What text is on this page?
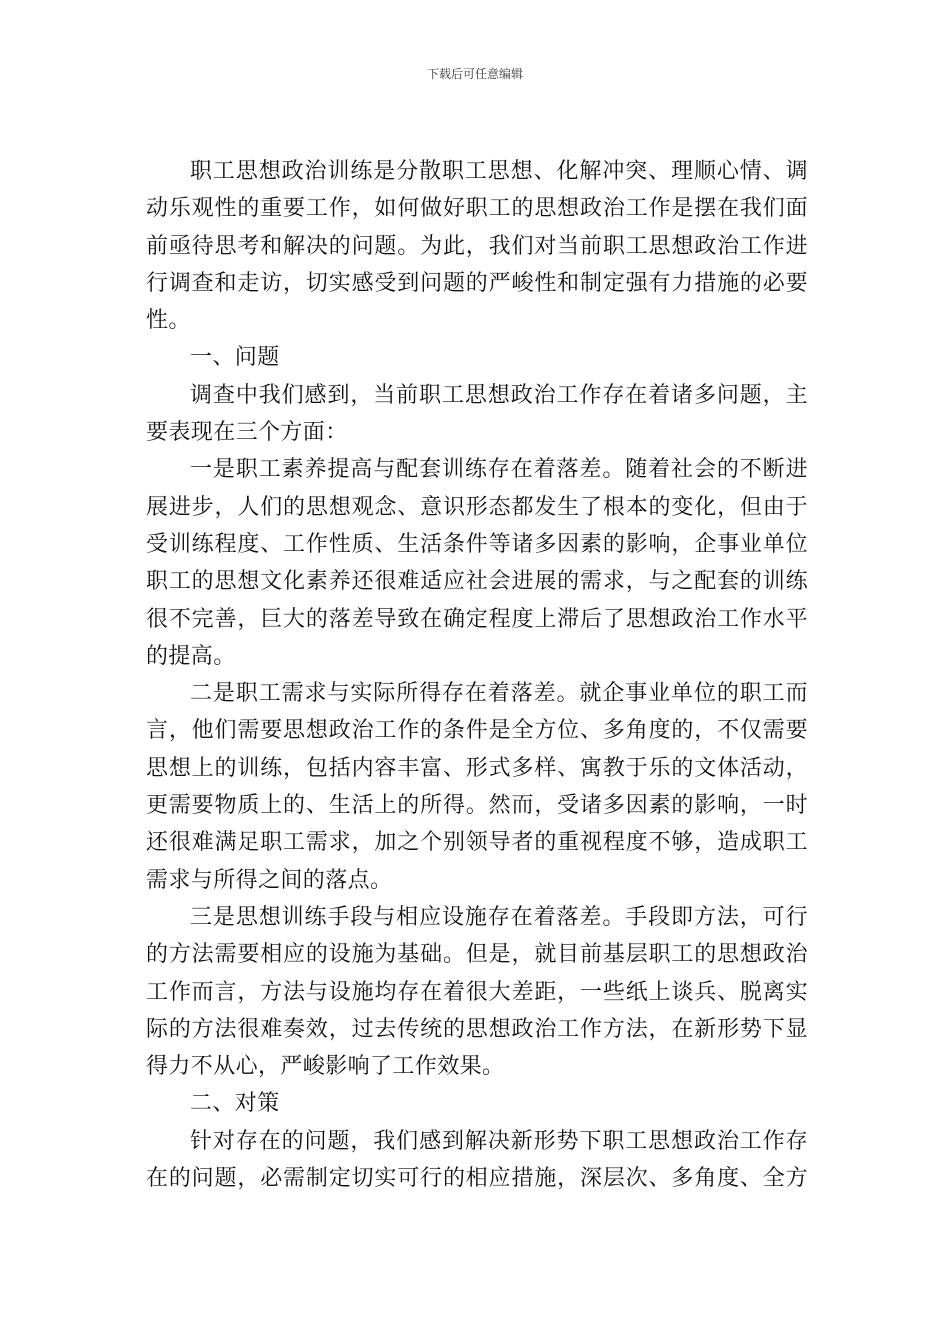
下载后可任意编辑
职工思想政治训练是分散职工思想、化解冲突、理顺心情、调
动乐观性的重要工作，如何做好职工的思想政治工作是摆在我们面
前亟待思考和解决的问题。为此，我们对当前职工思想政治工作进
行调查和走访，切实感受到问题的严峻性和制定强有力措施的必要
性。
一、问题
调查中我们感到，当前职工思想政治工作存在着诸多问题，主
要表现在三个方面：
一是职工素养提高与配套训练存在着落差。随着社会的不断进
展进步，人们的思想观念、意识形态都发生了根本的变化，但由于
受训练程度、工作性质、生活条件等诸多因素的影响，企事业单位
职工的思想文化素养还很难适应社会进展的需求，与之配套的训练
很不完善，巨大的落差导致在确定程度上滞后了思想政治工作水平
的提高。
二是职工需求与实际所得存在着落差。就企事业单位的职工而
言，他们需要思想政治工作的条件是全方位、多角度的，不仅需要
思想上的训练，包括内容丰富、形式多样、寓教于乐的文体活动，
更需要物质上的、生活上的所得。然而，受诸多因素的影响，一时
还很难满足职工需求，加之个别领导者的重视程度不够，造成职工
需求与所得之间的落点。
三是思想训练手段与相应设施存在着落差。手段即方法，可行
的方法需要相应的设施为基础。但是，就目前基层职工的思想政治
工作而言，方法与设施均存在着很大差距，一些纸上谈兵、脱离实
际的方法很难奏效，过去传统的思想政治工作方法，在新形势下显
得力不从心，严峻影响了工作效果。
二、对策
针对存在的问题，我们感到解决新形势下职工思想政治工作存
在的问题，必需制定切实可行的相应措施，深层次、多角度、全方
